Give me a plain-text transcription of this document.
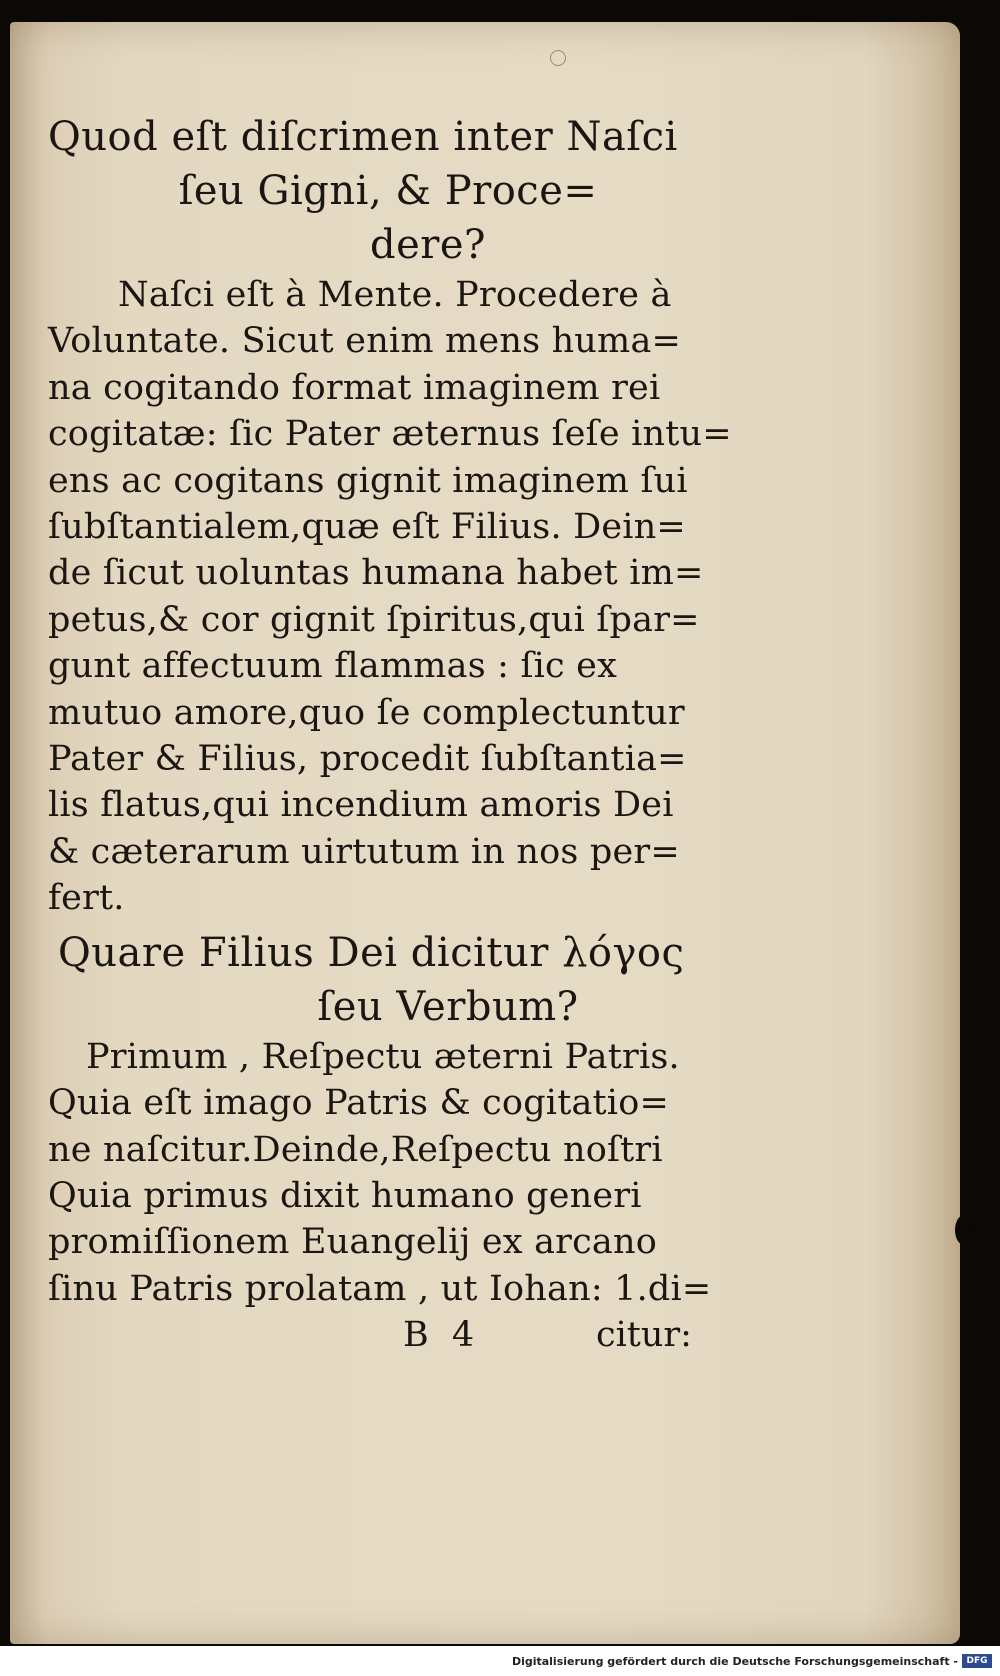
Quod eſt diſcrimen inter Naſci
ſeu Gigni, & Proce=
dere?
Naſci eſt à Mente. Procedere à
Voluntate. Sicut enim mens huma=
na cogitando format imaginem rei
cogitatæ: ſic Pater æternus ſeſe intu=
ens ac cogitans gignit imaginem ſui
ſubſtantialem,quæ eſt Filius. Dein=
de ſicut uoluntas humana habet im=
petus,& cor gignit ſpiritus,qui ſpar=
gunt affectuum flammas : ſic ex
mutuo amore,quo ſe complectuntur
Pater & Filius, procedit ſubſtantia=
lis flatus,qui incendium amoris Dei
& cæterarum uirtutum in nos per=
fert.
Quare Filius Dei dicitur λόγος
ſeu Verbum?
Primum , Reſpectu æterni Patris.
Quia eſt imago Patris & cogitatio=
ne naſcitur.Deinde,Reſpectu noſtri
Quia primus dixit humano generi
promiſſionem Euangelij ex arcano
ſinu Patris prolatam , ut Iohan: 1.di=
B 4	citur:
Digitalisierung gefördert durch die Deutsche Forschungsgemeinschaft - DFG
